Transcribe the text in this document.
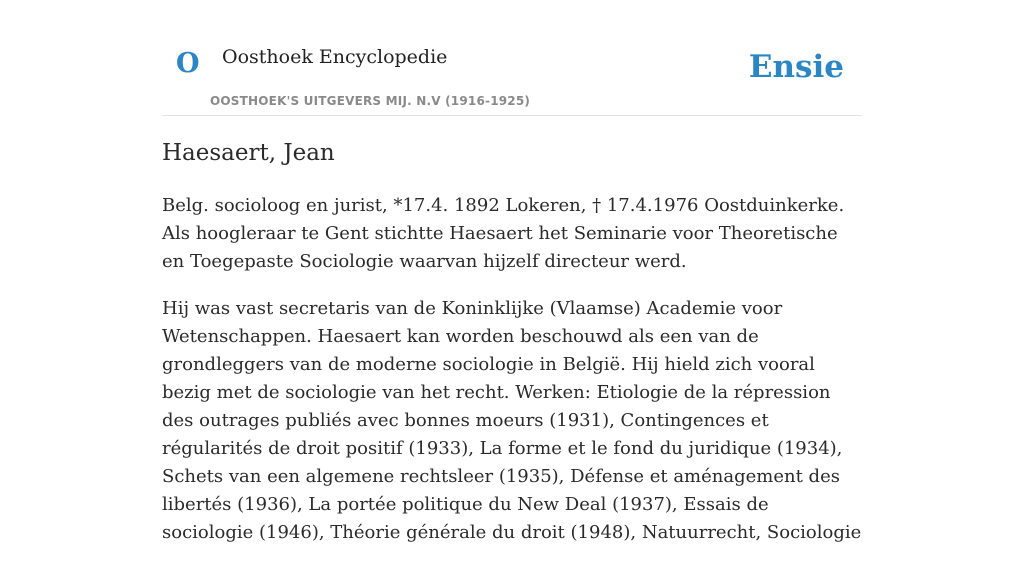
O Oosthoek Encyclopedie
OOSTHOEK'S UITGEVERS MIJ. N.V (1916-1925)
Ensie
Haesaert, Jean

Belg. socioloog en jurist, *17.4. 1892 Lokeren, † 17.4.1976 Oostduinkerke. Als hoogleraar te Gent stichtte Haesaert het Seminarie voor Theoretische en Toegepaste Sociologie waarvan hijzelf directeur werd.

Hij was vast secretaris van de Koninklijke (Vlaamse) Academie voor Wetenschappen. Haesaert kan worden beschouwd als een van de grondleggers van de moderne sociologie in België. Hij hield zich vooral bezig met de sociologie van het recht. Werken: Etiologie de la répression des outrages publiés avec bonnes moeurs (1931), Contingences et régularités de droit positif (1933), La forme et le fond du juridique (1934), Schets van een algemene rechtsleer (1935), Défense et aménagement des libertés (1936), La portée politique du New Deal (1937), Essais de sociologie (1946), Théorie générale du droit (1948), Natuurrecht, Sociologie
